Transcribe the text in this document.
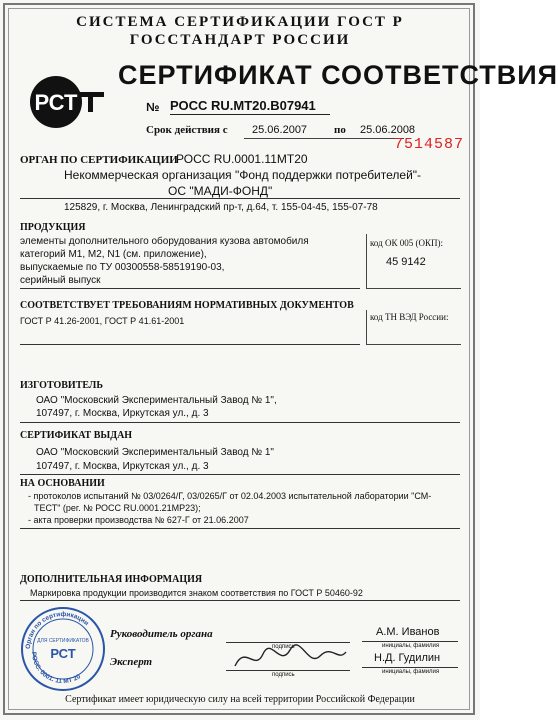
СИСТЕМА СЕРТИФИКАЦИИ ГОСТ Р
ГОССТАНДАРТ РОССИИ
РСТ
СЕРТИФИКАТ СООТВЕТСТВИЯ
№ РОСС RU.МТ20.В07941
Срок действия с 25.06.2007 по 25.06.2008
7514587
ОРГАН ПО СЕРТИФИКАЦИИ
РОСС RU.0001.11МТ20
Некоммерческая организация "Фонд поддержки потребителей"-
ОС "МАДИ-ФОНД"
125829, г. Москва, Ленинградский пр-т, д.64, т. 155-04-45, 155-07-78
ПРОДУКЦИЯ
элементы дополнительного оборудования кузова автомобиля
категорий М1, М2, N1 (см. приложение),
выпускаемые по ТУ 00300558-58519190-03,
серийный выпуск
код ОК 005 (ОКП):
45 9142
СООТВЕТСТВУЕТ ТРЕБОВАНИЯМ НОРМАТИВНЫХ ДОКУМЕНТОВ
ГОСТ Р 41.26-2001, ГОСТ Р 41.61-2001	код ТН ВЭД России:
ИЗГОТОВИТЕЛЬ
ОАО "Московский Экспериментальный Завод № 1",
107497, г. Москва, Иркутская ул., д. 3
СЕРТИФИКАТ ВЫДАН
ОАО "Московский Экспериментальный Завод № 1"
107497, г. Москва, Иркутская ул., д. 3
НА ОСНОВАНИИ
- протоколов испытаний № 03/0264/Г, 03/0265/Г от 02.04.2003 испытательной лаборатории "СМ-
ТЕСТ" (рег. № РОСС RU.0001.21МР23);
- акта проверки производства № 627-Г от 21.06.2007
ДОПОЛНИТЕЛЬНАЯ ИНФОРМАЦИЯ
Маркировка продукции производится знаком соответствия по ГОСТ Р 50460-92
Орган по сертификации
РОСС. 0001. 11 МТ 20
ДЛЯ СЕРТИФИКАТОВ
РСТ
Руководитель органа
подпись
А.М. Иванов
инициалы, фамилия
Эксперт
подпись
Н.Д. Гудилин
инициалы, фамилия
Сертификат имеет юридическую силу на всей территории Российской Федерации
